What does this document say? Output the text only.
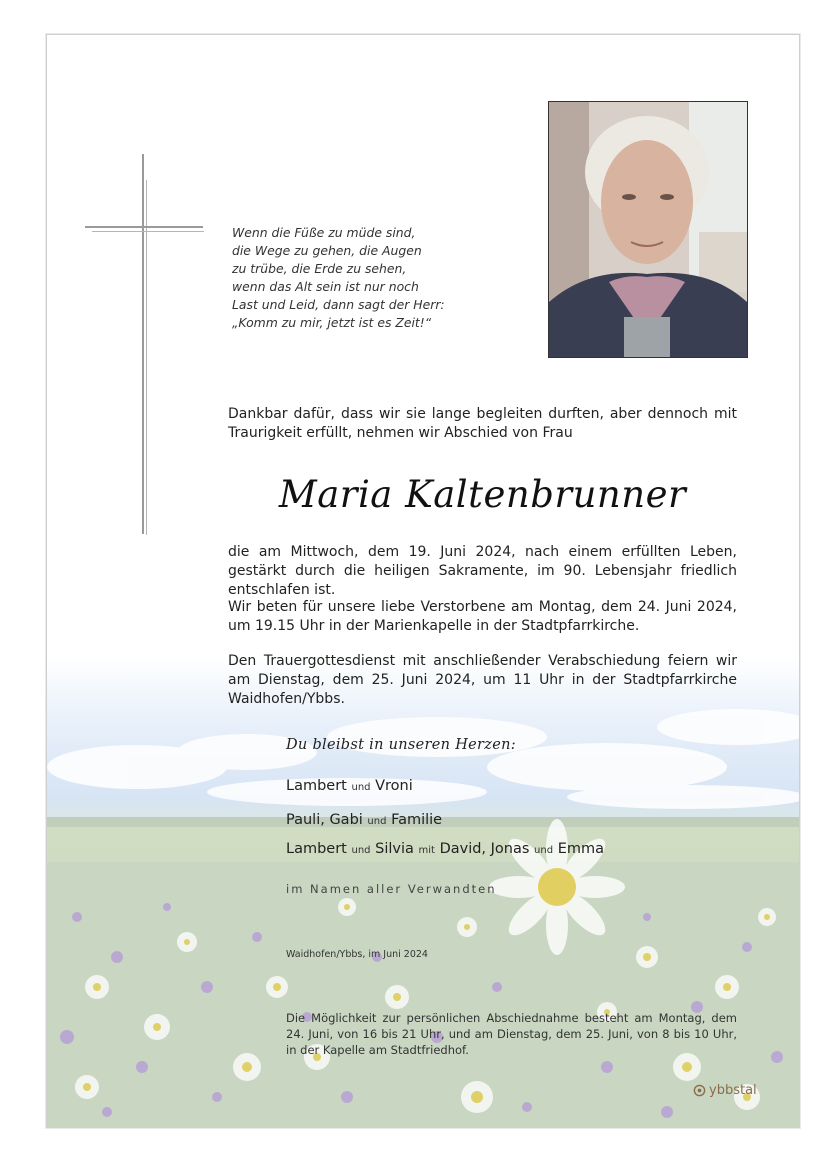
Wenn die Füße zu müde sind,
die Wege zu gehen, die Augen
zu trübe, die Erde zu sehen,
wenn das Alt sein ist nur noch
Last und Leid, dann sagt der Herr:
„Komm zu mir, jetzt ist es Zeit!“
Dankbar dafür, dass wir sie lange begleiten durften, aber dennoch mit Traurigkeit erfüllt, nehmen wir Abschied von Frau
Maria Kaltenbrunner
die am Mittwoch, dem 19. Juni 2024, nach einem erfüllten Leben, gestärkt durch die heiligen Sakramente, im 90. Lebensjahr friedlich entschlafen ist.
Wir beten für unsere liebe Verstorbene am Montag, dem 24. Juni 2024, um 19.15 Uhr in der Marienkapelle in der Stadtpfarrkirche.
Den Trauergottesdienst mit anschließender Verabschiedung feiern wir am Dienstag, dem 25. Juni 2024, um 11 Uhr in der Stadtpfarrkirche Waidhofen/Ybbs.
Du bleibst in unseren Herzen:
Lambert und Vroni
Pauli, Gabi und Familie
Lambert und Silvia mit David, Jonas und Emma
im Namen aller Verwandten
Waidhofen/Ybbs, im Juni 2024
Die Möglichkeit zur persönlichen Abschiednahme besteht am Montag, dem 24. Juni, von 16 bis 21 Uhr, und am Dienstag, dem 25. Juni, von 8 bis 10 Uhr, in der Kapelle am Stadtfriedhof.
ybbstal
